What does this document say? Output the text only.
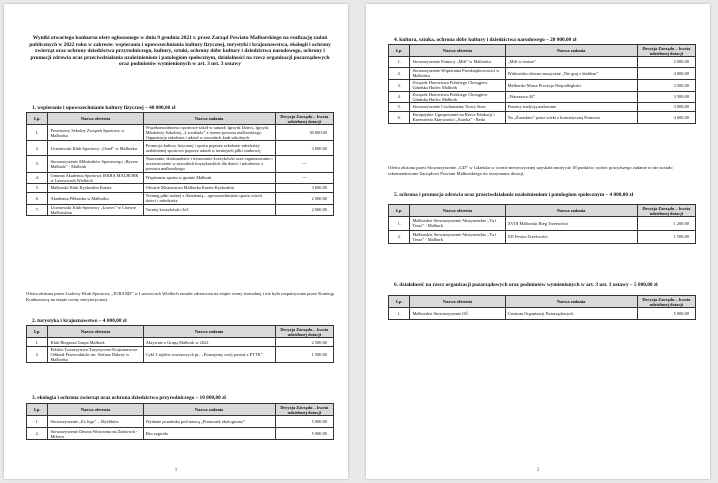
Wyniki otwartego konkursu ofert ogłoszonego w dniu 9 grudnia 2021 r. przez Zarząd Powiatu Malborskiego na realizację zadań publicznych w 2022 roku w zakresie: wspierania i upowszechniania kultury fizycznej, turystyki i krajoznawstwa, ekologii i ochrony zwierząt oraz ochrony dziedzictwa przyrodniczego, kultury, sztuki, ochrony dóbr kultury i dziedzictwa narodowego, ochrony i promocji zdrowia oraz przeciwdziałania uzależnieniom i patologiom społecznym, działalności na rzecz organizacji pozarządowych oraz podmiotów wymienionych w art. 3 ust. 3 ustawy
1. wspieranie i upowszechnianie kultury fizycznej – 40 000,00 zł
Lp.	Nazwa oferenta	Nazwa zadania	Decyzja Zarządu – kwota udzielonej dotacji
1.	Powiatowy Szkolny Związek Sportowy w Malborku	Współzawodnictwo sportowe szkół w ramach Igrzysk Dzieci, Igrzysk Młodzieży Szkolnej, „Licealiady” z terenu powiatu malborskiego. Organizacja szkolenia i udział w zawodach kadr szkolnych	30 000,00
2.	Uczniowski Klub Sportowy „Orzeł” w Malborku	Promocja kultury fizycznej i sportu poprzez szkolenie młodzieży uzdolnionej sportowo poprzez udział w turniejach piłki siatkowej	3 000,00
3.	Stowarzyszenie Miłośników Sportowego „Rycerz Malbork” - Malbork	Nauczanie, doskonalenie i trenowanie koszykówki oraz organizowanie i uczestniczenie w zawodach koszykarskich dla dzieci i młodzieży z powiatu malborskiego	---
4.	Gminna Akademia Sportowa ISKRA MALBORK w Lasowicach Wielkich	Wspieranie sportu w gminie Malbork	---
5.	Malborski Klub Kyokushin Karate	Otwarte Mistrzostwa Malborka Karate Kyokushin	3 000,00
6.	Akademia Piłkarska w Malborku	Trening piłki nożnej z Akademią – upowszechnianie sportu wśród dzieci i młodzieży	2 000,00
7.	Uczniowski Klub Sportowy „Lisovo” w Lisewie Malborskim	Turniej koszykówki 3x3	2 000,00
Oferta złożona przez Ludowy Klub Sportowy „JURAND” w Lasowicach Wielkich została odrzucona na etapie oceny formalnej i nie była rozpatrywana przez Komisję Konkursową na etapie oceny merytorycznej.
2. turystyka i krajoznawstwo – 4 000,00 zł
Lp.	Nazwa oferenta	Nazwa zadania	Decyzja Zarządu – kwota udzielonej dotacji
1.	Klub Biegacza Grupa Malbork	Aktywnie z Grupą Malbork w 2022	2 500,00
2.	Polskie Towarzystwo Turystyczno-Krajoznawcze Oddział Przewodnicki im. Stefana Dubrey w Malborku	Cykl 3 rajdów rowerowych pt.: „Poznajemy swój powiat z PTTK”	1 500,00
3. ekologia i ochrona zwierząt oraz ochrona dziedzictwa przyrodniczego – 10 000,00 zł
Lp.	Nazwa oferenta	Nazwa zadania	Decyzja Zarządu – kwota udzielonej dotacji
1.	Stowarzyszenie „Ex lege” – Myślibórz	Wydanie poradnika pod nazwą „Pomocnik ekologiczny”	5 000,00
2.	Stowarzyszenie Dawna Wozownia na Żuławach - Milewo	Eko zagroda	5 000,00
1
4. kultura, sztuka, ochrona dóbr kultury i dziedzictwa narodowego – 20 000,00 zł
Lp.	Nazwa oferenta	Nazwa zadania	Decyzja Zarządu – kwota udzielonej dotacji
1.	Stowarzyszenie Pomocy „Mili” w Malborku	„Mili w teatrze”	2 000,00
2.	Stowarzyszenie Wspierania Przedsiębiorczości w Malborku	Widowisko słowno-muzyczne „Nie graj z diabłem”	4 000,00
3.	Związek Harcerstwa Polskiego Chorągiew Gdańska Hufiec Malbork	Malborski Marsz Procesja Niepodległości	3 500,00
4.	Związek Harcerstwa Polskiego Chorągiew Gdańska Hufiec Malbork	„Warszawa 44”	3 500,00
5.	Stowarzyszenie Cooltumalny Nowy Staw	Potańcy tradycją malowane	3 000,00
6.	Europejskie Ugrupowanie na Rzecz Edukacji i Krzewienia Aktywności „Eureka” - Reda	Na „Żuraskim” przez wieki z kosmetyczną Pomorza	4 000,00
Oferta złożona przez Stowarzyszenie „GD” w Gdańsku w ocenie merytorycznej uzyskała mniej niż 18 punktów, wobec powyższego zadanie to nie zostało rekomendowane Zarządowi Powiatu Malborskiego do otrzymania dotacji.
5. ochrona i promocja zdrowia oraz przeciwdziałanie uzależnieniom i patologiom społecznym – 4 000,00 zł
Lp.	Nazwa oferenta	Nazwa zadania	Decyzja Zarządu – kwota udzielonej dotacji
1.	Malborskie Stowarzyszenie Abstynenckie „Tu i Teraz” - Malbork	XVIII Malborski Bieg Trzeźwości	1 200,00
2.	Malborskie Stowarzyszenie Abstynenckie „Tu i Teraz” - Malbork	XII Festyn Trzeźwości	1 500,00
6. działalność na rzecz organizacji pozarządowych oraz podmiotów wymienionych w art. 3 ust. 3 ustawy – 5 000,00 zł
Lp.	Nazwa oferenta	Nazwa zadania	Decyzja Zarządu – kwota udzielonej dotacji
1.	Malborskie Stowarzyszenie OŚ	Centrum Organizacji Pozarządowych	5 000,00
2
